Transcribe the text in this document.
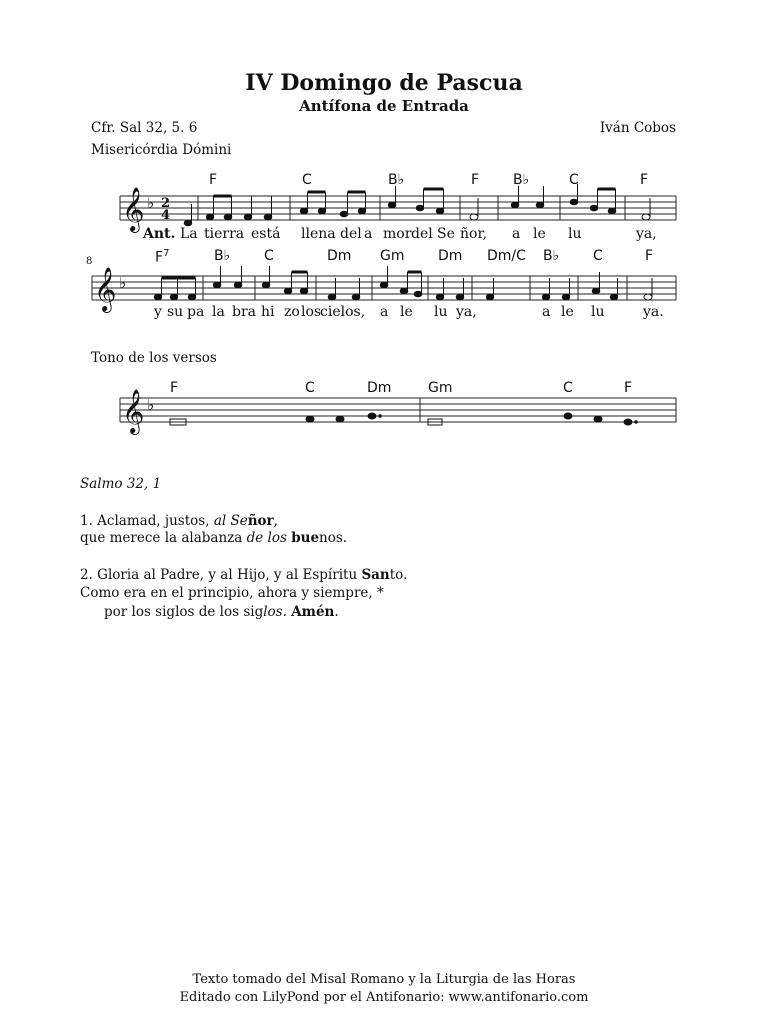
IV Domingo de Pascua
Antífona de Entrada
Cfr. Sal 32, 5. 6	Iván Cobos
Misericórdia Dómini
𝄞
𝄞
𝄞
♭
♭
♭
2
4
F	C	B♭	F B♭	C	F
Ant. La tierra está llena del a mor del Se ñor, a le lu	ya,
8	$F^7$	B♭ C	Dm Gm Dm Dm/C B♭ C	F
y su pa la bra hi zo los
cielos, a le lu ya,	a le lu	ya.
Tono de los versos
F	C	Dm	Gm	C	F
Salmo 32, 1
1. Aclamad, justos, al Señor,
que merece la alabanza de los buenos.
2. Gloria al Padre, y al Hijo, y al Espíritu Santo.
Como era en el principio, ahora y siempre, *
por los siglos de los siglos. Amén.
Texto tomado del Misal Romano y la Liturgia de las Horas
Editado con LilyPond por el Antifonario: www.antifonario.com
